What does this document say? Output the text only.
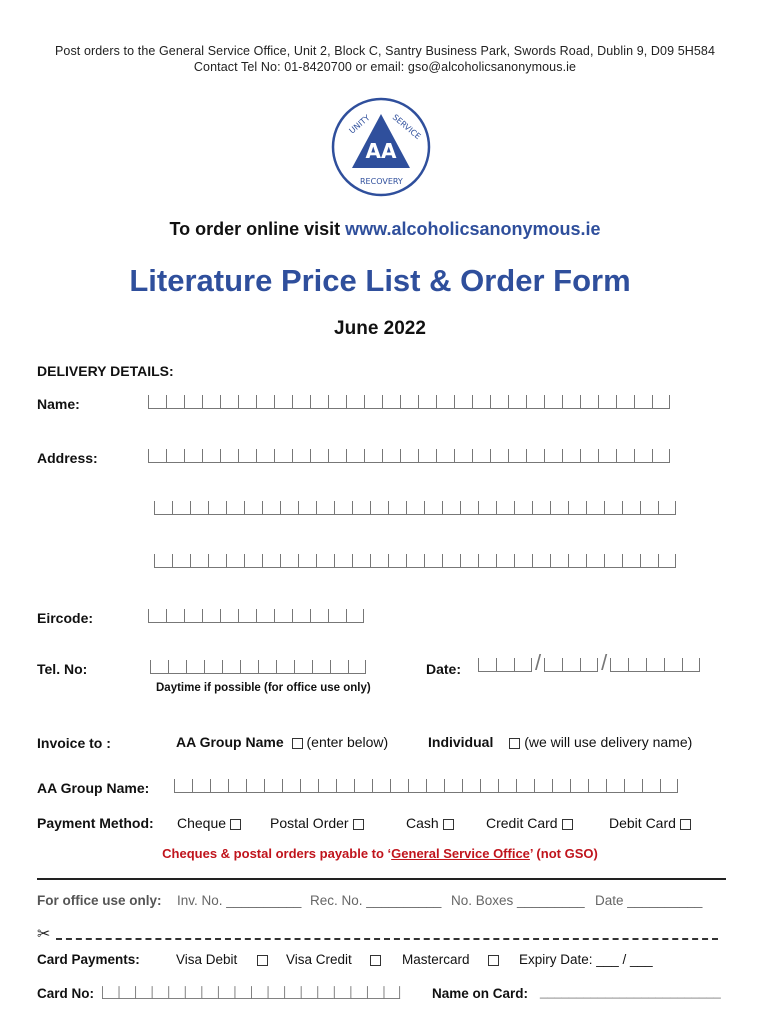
Post orders to the General Service Office, Unit 2, Block C, Santry Business Park, Swords Road, Dublin 9, D09 5H584
Contact Tel No: 01-8420700 or email: gso@alcoholicsanonymous.ie
AA
UNITY SERVICE
RECOVERY
To order online visit www.alcoholicsanonymous.ie
Literature Price List & Order Form
June 2022
DELIVERY DETAILS:
Name:
Address:
Eircode:
Tel. No:	Date:	/	/
Daytime if possible (for office use only)
Invoice to :	AA Group Name (enter below)	Individual (we will use delivery name)
AA Group Name:
Payment Method: Cheque	Postal Order	Cash	Credit Card	Debit Card
Cheques & postal orders payable to ‘General Service Office’ (not GSO)
For office use only: Inv. No. __________ Rec. No. __________ No. Boxes _________ Date __________
✂
Card Payments:	Visa Debit	Visa Credit	Mastercard	Expiry Date: ___ / ___
Card No:	Name on Card: _________________________
